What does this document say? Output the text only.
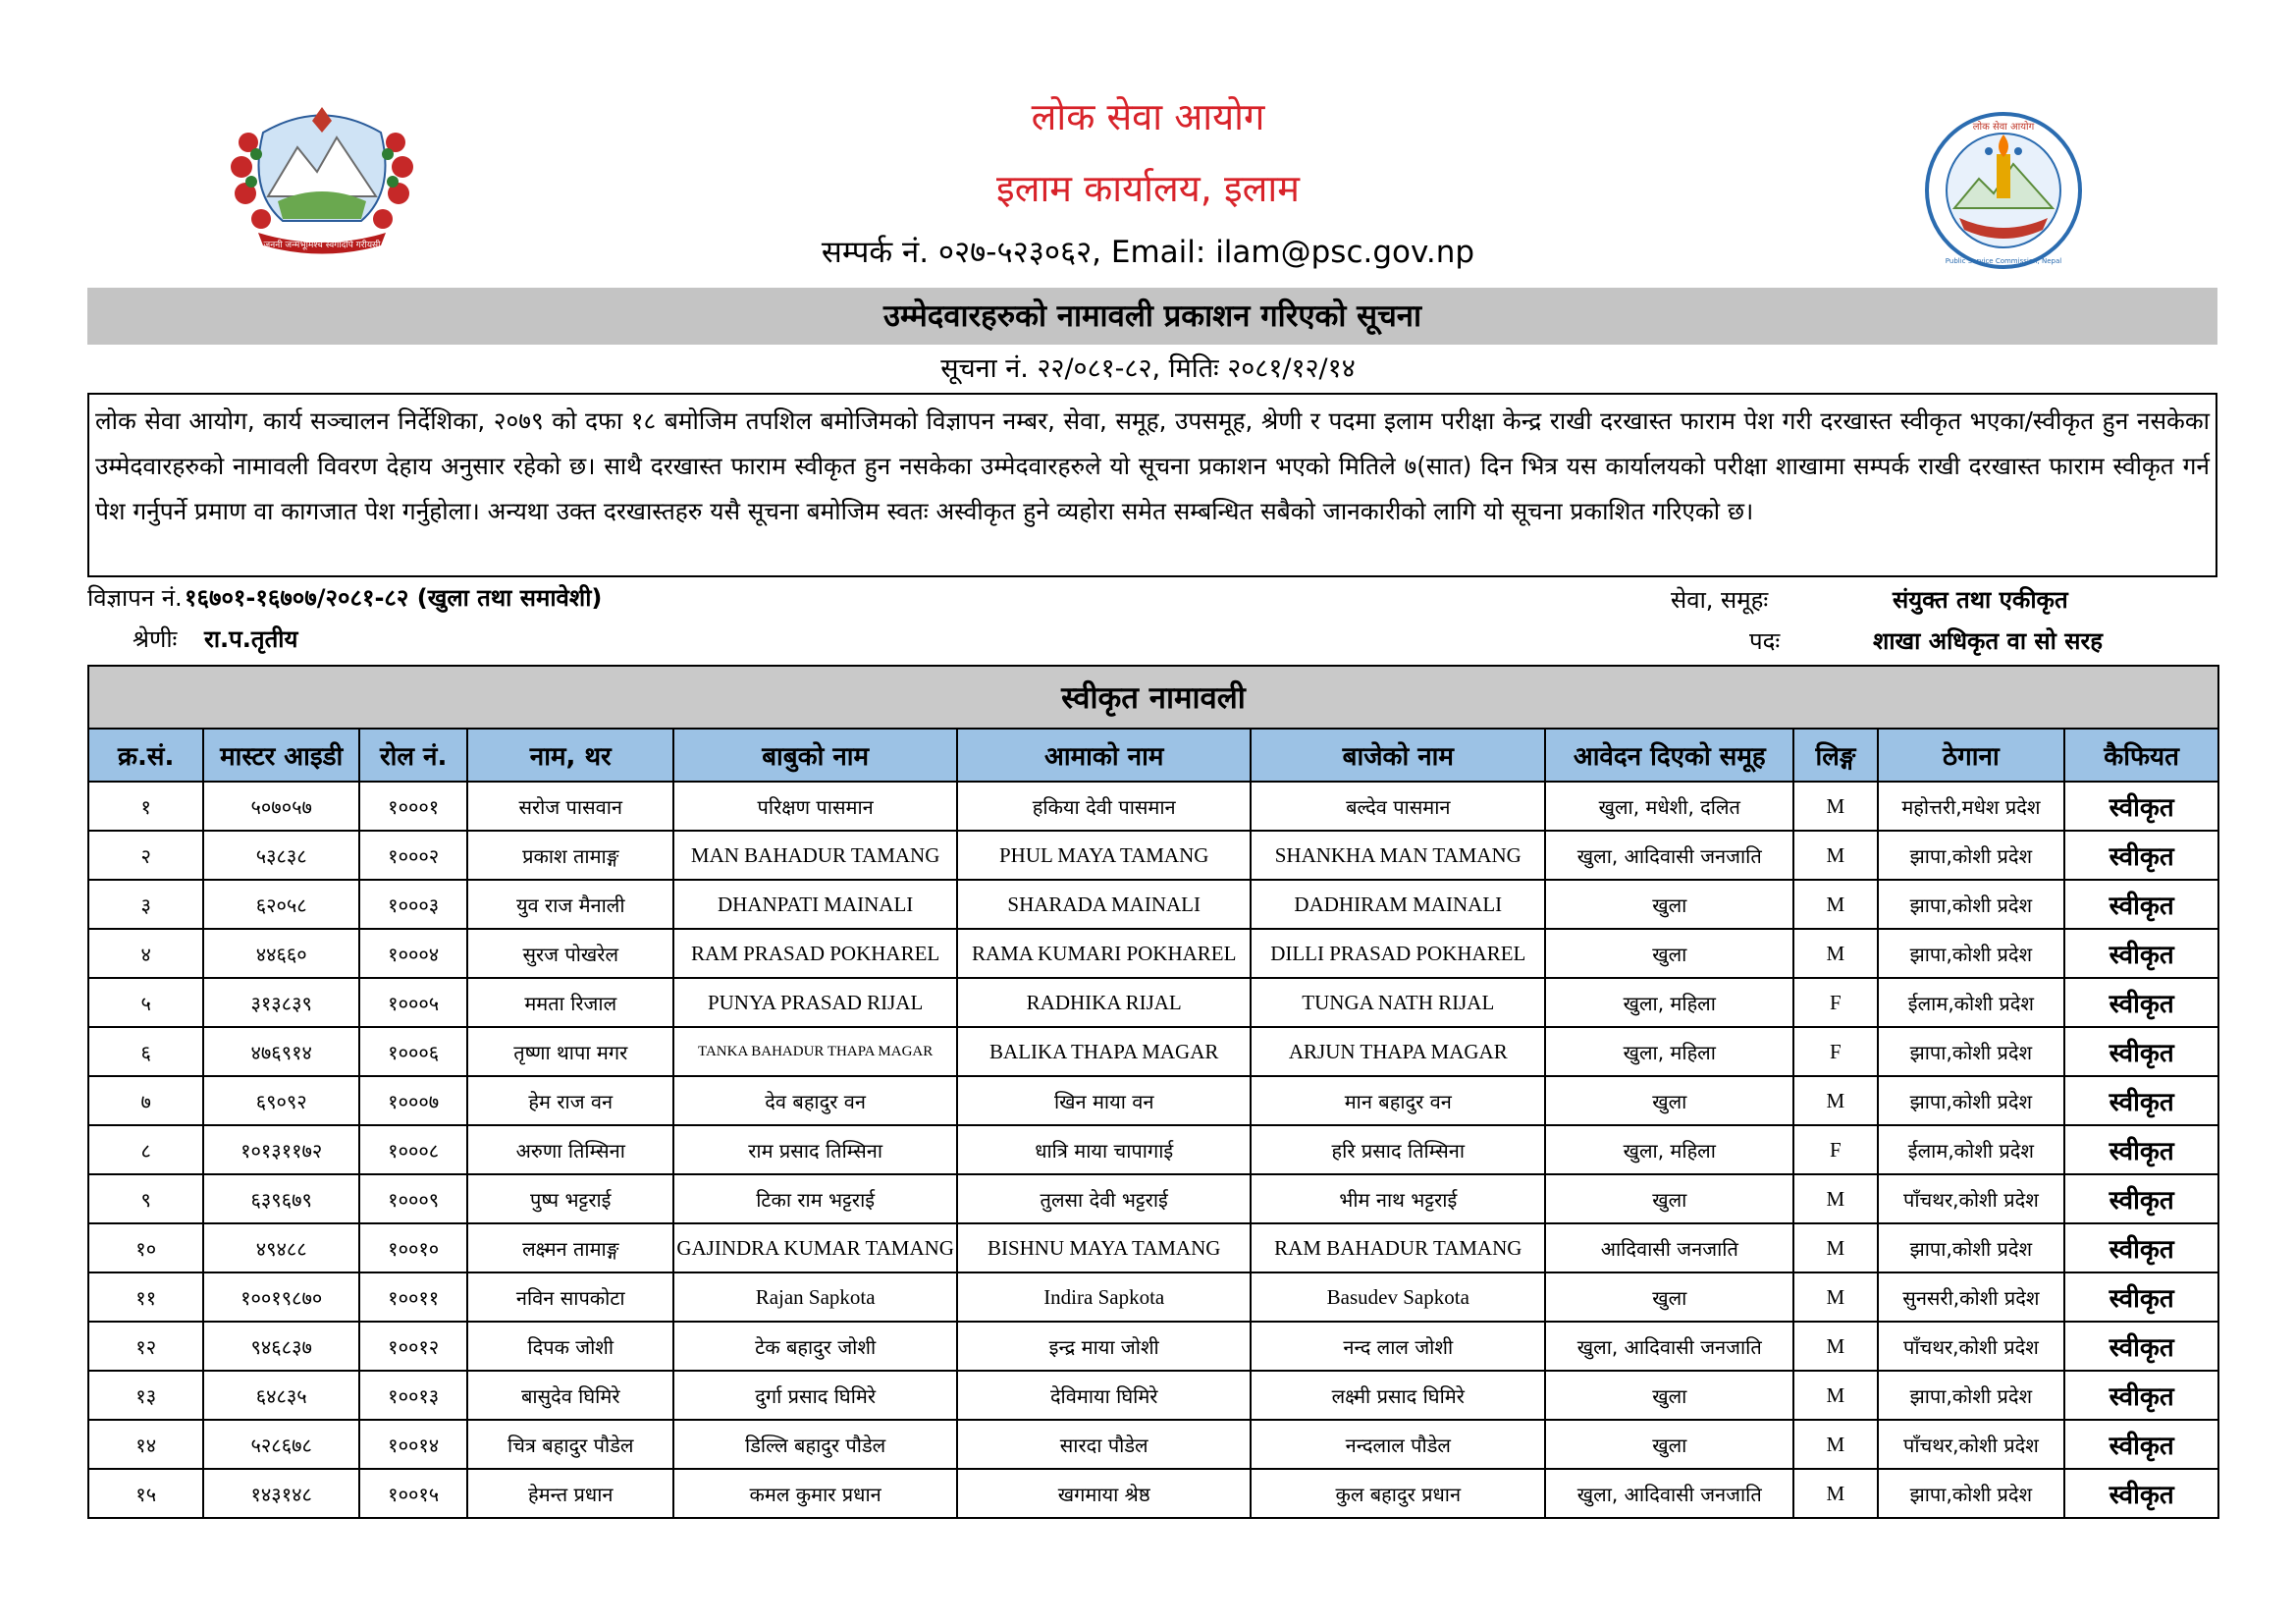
जननी जन्मभूमिश्च स्वर्गादपि गरीयसी
लोक सेवा आयोग
इलाम कार्यालय, इलाम
सम्पर्क नं. ०२७-५२३०६२, Email: ilam@psc.gov.np
लोक सेवा आयोग
Public Service Commission, Nepal
उम्मेदवारहरुको नामावली प्रकाशन गरिएको सूचना
सूचना नं. २२/०८१-८२, मितिः २०८१/१२/१४
लोक सेवा आयोग, कार्य सञ्चालन निर्देशिका, २०७९ को दफा १८ बमोजिम तपशिल बमोजिमको विज्ञापन नम्बर, सेवा, समूह, उपसमूह, श्रेणी र पदमा इलाम परीक्षा केन्द्र राखी दरखास्त फाराम पेश गरी दरखास्त स्वीकृत भएका/स्वीकृत हुन नसकेका उम्मेदवारहरुको नामावली विवरण देहाय अनुसार रहेको छ। साथै दरखास्त फाराम स्वीकृत हुन नसकेका उम्मेदवारहरुले यो सूचना प्रकाशन भएको मितिले ७(सात) दिन भित्र यस कार्यालयको परीक्षा शाखामा सम्पर्क राखी दरखास्त फाराम स्वीकृत गर्न पेश गर्नुपर्ने प्रमाण वा कागजात पेश गर्नुहोला। अन्यथा उक्त दरखास्तहरु यसै सूचना बमोजिम स्वतः अस्वीकृत हुने व्यहोरा समेत सम्बन्धित सबैको जानकारीको लागि यो सूचना प्रकाशित गरिएको छ।
विज्ञापन नं. १६७०१-१६७०७/२०८१-८२ (खुला तथा समावेशी)
श्रेणीः रा.प.तृतीय
सेवा, समूहः	संयुक्त तथा एकीकृत
पदः	शाखा अधिकृत वा सो सरह
स्वीकृत नामावली										
क्र.सं.	मास्टर आइडी	रोल नं.	नाम, थर	बाबुको नाम	आमाको नाम	बाजेको नाम	आवेदन दिएको समूह	लिङ्ग	ठेगाना	कैफियत
१	५०७०५७	१०००१	सरोज पासवान	परिक्षण पासमान	हकिया देवी पासमान	बल्देव पासमान	खुला, मधेशी, दलित	M	महोत्तरी,मधेश प्रदेश	स्वीकृत
२	५३८३८	१०००२	प्रकाश तामाङ्ग	MAN BAHADUR TAMANG	PHUL MAYA TAMANG	SHANKHA MAN TAMANG	खुला, आदिवासी जनजाति	M	झापा,कोशी प्रदेश	स्वीकृत
३	६२०५८	१०००३	युव राज मैनाली	DHANPATI MAINALI	SHARADA MAINALI	DADHIRAM MAINALI	खुला	M	झापा,कोशी प्रदेश	स्वीकृत
४	४४६६०	१०००४	सुरज पोखरेल	RAM PRASAD POKHAREL	RAMA KUMARI POKHAREL	DILLI PRASAD POKHAREL	खुला	M	झापा,कोशी प्रदेश	स्वीकृत
५	३१३८३९	१०००५	ममता रिजाल	PUNYA PRASAD RIJAL	RADHIKA RIJAL	TUNGA NATH RIJAL	खुला, महिला	F	ईलाम,कोशी प्रदेश	स्वीकृत
६	४७६९१४	१०००६	तृष्णा थापा मगर	TANKA BAHADUR THAPA MAGAR	BALIKA THAPA MAGAR	ARJUN THAPA MAGAR	खुला, महिला	F	झापा,कोशी प्रदेश	स्वीकृत
७	६९०९२	१०००७	हेम राज वन	देव बहादुर वन	खिन माया वन	मान बहादुर वन	खुला	M	झापा,कोशी प्रदेश	स्वीकृत
८	१०१३११७२	१०००८	अरुणा तिम्सिना	राम प्रसाद तिम्सिना	धात्रि माया चापागाई	हरि प्रसाद तिम्सिना	खुला, महिला	F	ईलाम,कोशी प्रदेश	स्वीकृत
९	६३९६७९	१०००९	पुष्प भट्टराई	टिका राम भट्टराई	तुलसा देवी भट्टराई	भीम नाथ भट्टराई	खुला	M	पाँचथर,कोशी प्रदेश	स्वीकृत
१०	४९४८८	१००१०	लक्ष्मन तामाङ्ग	GAJINDRA KUMAR TAMANG	BISHNU MAYA TAMANG	RAM BAHADUR TAMANG	आदिवासी जनजाति	M	झापा,कोशी प्रदेश	स्वीकृत
११	१००१९८७०	१००११	नविन सापकोटा	Rajan Sapkota	Indira Sapkota	Basudev Sapkota	खुला	M	सुनसरी,कोशी प्रदेश	स्वीकृत
१२	९४६८३७	१००१२	दिपक जोशी	टेक बहादुर जोशी	इन्द्र माया जोशी	नन्द लाल जोशी	खुला, आदिवासी जनजाति	M	पाँचथर,कोशी प्रदेश	स्वीकृत
१३	६४८३५	१००१३	बासुदेव घिमिरे	दुर्गा प्रसाद घिमिरे	देविमाया घिमिरे	लक्ष्मी प्रसाद घिमिरे	खुला	M	झापा,कोशी प्रदेश	स्वीकृत
१४	५२८६७८	१००१४	चित्र बहादुर पौडेल	डिल्लि बहादुर पौडेल	सारदा पौडेल	नन्दलाल पौडेल	खुला	M	पाँचथर,कोशी प्रदेश	स्वीकृत
१५	१४३१४८	१००१५	हेमन्त प्रधान	कमल कुमार प्रधान	खगमाया श्रेष्ठ	कुल बहादुर प्रधान	खुला, आदिवासी जनजाति	M	झापा,कोशी प्रदेश	स्वीकृत
